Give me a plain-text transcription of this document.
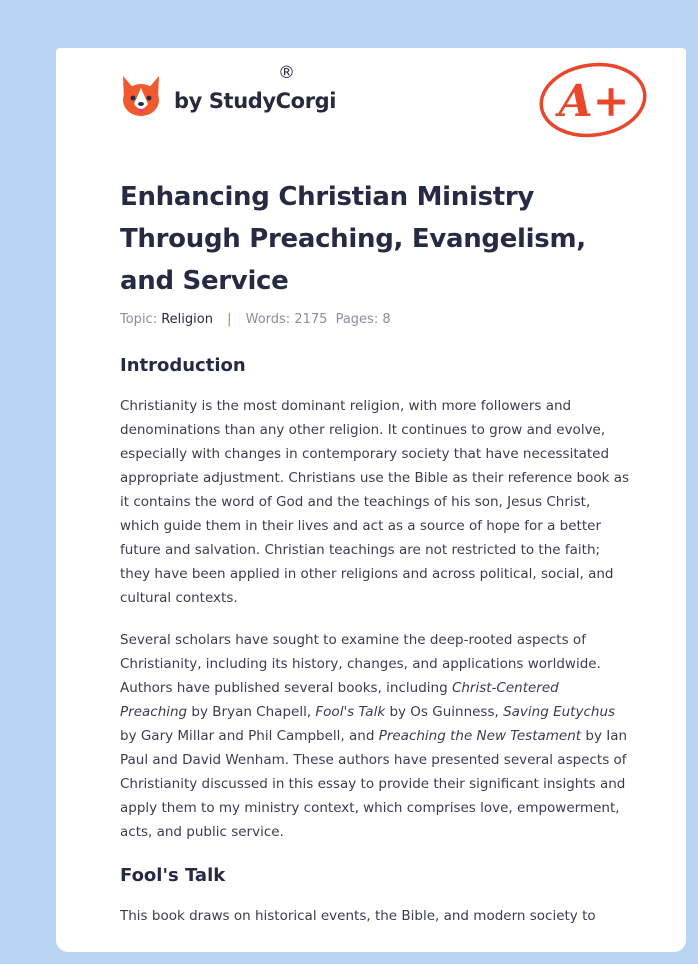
by StudyCorgi
®
A+
Enhancing Christian Ministry Through Preaching, Evangelism, and Service
Topic: Religion | Words: 2175 Pages: 8
Introduction

Christianity is the most dominant religion, with more followers and denominations than any other religion. It continues to grow and evolve, especially with changes in contemporary society that have necessitated appropriate adjustment. Christians use the Bible as their reference book as it contains the word of God and the teachings of his son, Jesus Christ, which guide them in their lives and act as a source of hope for a better future and salvation. Christian teachings are not restricted to the faith; they have been applied in other religions and across political, social, and cultural contexts.

Several scholars have sought to examine the deep-rooted aspects of Christianity, including its history, changes, and applications worldwide. Authors have published several books, including Christ-Centered Preaching by Bryan Chapell, Fool's Talk by Os Guinness, Saving Eutychus by Gary Millar and Phil Campbell, and Preaching the New Testament by Ian Paul and David Wenham. These authors have presented several aspects of Christianity discussed in this essay to provide their significant insights and apply them to my ministry context, which comprises love, empowerment, acts, and public service.

Fool's Talk

This book draws on historical events, the Bible, and modern society to
